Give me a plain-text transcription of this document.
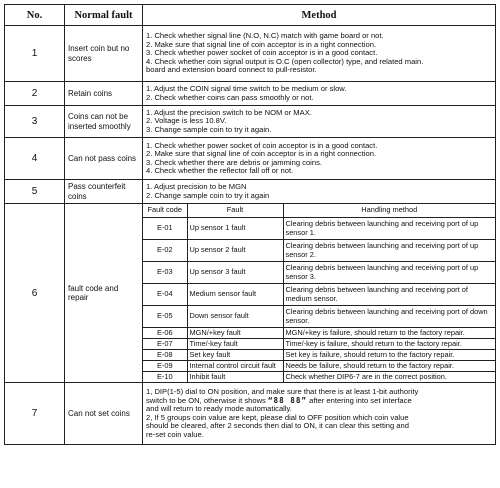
No.	Normal fault	Method
1	Insert coin but no scores	
1. Check whether signal line (N.O, N.C) match with game board or not.
2. Make sure that signal line of coin acceptor is in a right connection.
3. Check whether power socket of coin acceptor is in a good contact.
4. Check whether coin signal output is O.C (open collector) type, and related main.
board and extension board connect to pull-resistor.

2	Retain coins	
1. Adjust the COIN signal time switch to be medium or slow.
2. Check whether coins can pass smoothly or not.

3	Coins can not be inserted smoothly	
1. Adjust the precision switch to be NOM or MAX.
2. Voltage is less 10.8V.
3. Change sample coin to try it again.

4	Can not pass coins	
1. Check whether power socket of coin acceptor is in a good contact.
2. Make sure that signal line of coin acceptor is in a right connection.
3. Check whether there are debris or jamming coins.
4. Check whether the reflector fall off or not.

5	Pass counterfeit coins	
1. Adjust precision to be MGN
2. Change sample coin to try it again

6	fault code and repair	
Fault code	Fault	Handling method
E-01	Up sensor 1 fault	Clearing debris between launching and receiving port of up sensor 1.
E-02	Up sensor 2 fault	Clearing debris between launching and receiving port of up sensor 2.
E-03	Up sensor 3 fault	Clearing debris between launching and receiving port of up sensor 3.
E-04	Medium sensor fault	Clearing debris between launching and receiving port of medium sensor.
E-05	Down sensor fault	Clearing debris between launching and receiving port of down sensor.
E-06	MGN/+key fault	MGN/+key is failure, should return to the factory repair.
E-07	Time/-key fault	Time/-key is failure, should return to the factory repair.
E-08	Set key fault	Set key is failure, should return to the factory repair.
E-09	Internal control circuit fault	Needs be failure, should return to the factory repair.
E-10	Inhibit fault	Check whether DIP6-7 are in the correct position.

7	Can not set coins	
1, DIP(1-5) dial to ON position, and make sure that there is at least 1-bit authority
switch to be ON, otherwise it shows “88 88” after entering into set interface
and will return to ready mode automatically.
2, If 5 groups coin value are kept, please dial to OFF position which coin value
should be cleared, after 2 seconds then dial to ON, it can clear this setting and
re-set coin value.
